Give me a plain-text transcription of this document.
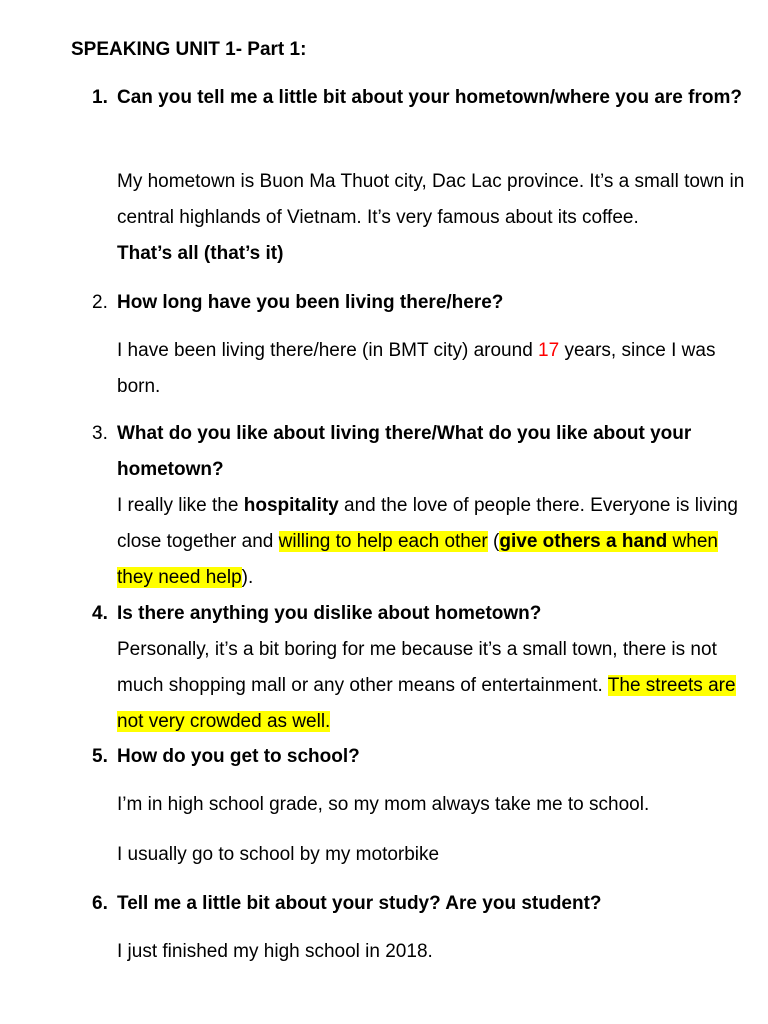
SPEAKING UNIT 1- Part 1:
1. Can you tell me a little bit about your hometown/where you are from?
My hometown is Buon Ma Thuot city, Dac Lac province. It’s a small town in central highlands of Vietnam. It’s very famous about its coffee.
That’s all (that’s it)
2. How long have you been living there/here?
I have been living there/here (in BMT city) around 17 years, since I was born.
3. What do you like about living there/What do you like about your hometown?
I really like the hospitality and the love of people there. Everyone is living close together and willing to help each other (give others a hand when they need help).
4. Is there anything you dislike about hometown?
Personally, it’s a bit boring for me because it’s a small town, there is not much shopping mall or any other means of entertainment. The streets are not very crowded as well.
5. How do you get to school?
I’m in high school grade, so my mom always take me to school.
I usually go to school by my motorbike
6. Tell me a little bit about your study? Are you student?
I just finished my high school in 2018.
